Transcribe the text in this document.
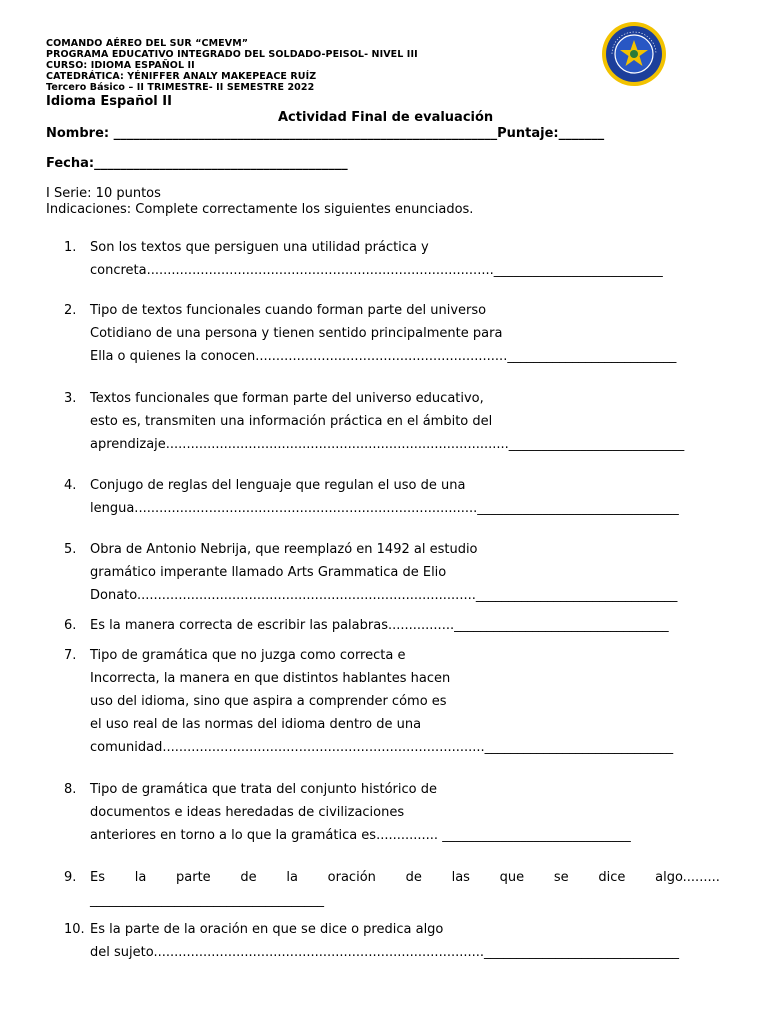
COMANDO AÉREO DEL SUR “CMEVM”
PROGRAMA EDUCATIVO INTEGRADO DEL SOLDADO-PEISOL- NIVEL III
CURSO: IDIOMA ESPAÑOL II
CATEDRÁTICA: YÉNIFFER ANALY MAKEPEACE RUÍZ
Tercero Básico – II TRIMESTRE- II SEMESTRE 2022
Idioma Español II
Actividad Final de evaluación
Nombre: ___________________________________________________________Puntaje:_______
Fecha:_______________________________________
I Serie: 10 puntos
Indicaciones: Complete correctamente los siguientes enunciados.
1.	Son los textos que persiguen una utilidad práctica y
concreta....................................................................................__________________________
2.	Tipo de textos funcionales cuando forman parte del universo
Cotidiano de una persona y tienen sentido principalmente para
Ella o quienes la conocen.............................................................__________________________
3.	Textos funcionales que forman parte del universo educativo,
esto es, transmiten una información práctica en el ámbito del
aprendizaje...................................................................................___________________________
4.	Conjugo de reglas del lenguaje que regulan el uso de una
lengua..................................................................................._______________________________
5.	Obra de Antonio Nebrija, que reemplazó en 1492 al estudio
gramático imperante llamado Arts Grammatica de Elio
Donato.................................................................................._______________________________
6.	Es la manera correcta de escribir las palabras................_________________________________
7.	Tipo de gramática que no juzga como correcta e
Incorrecta, la manera en que distintos hablantes hacen
uso del idioma, sino que aspira a comprender cómo es
el uso real de las normas del idioma dentro de una
comunidad.............................................................................._____________________________
8.	Tipo de gramática que trata del conjunto histórico de
documentos e ideas heredadas de civilizaciones
anteriores en torno a lo que la gramática es............... _____________________________
9.	Es la parte de la oración de las que se dice algo.........
____________________________________
10. Es la parte de la oración en que se dice o predica algo
del sujeto................................................................................______________________________
